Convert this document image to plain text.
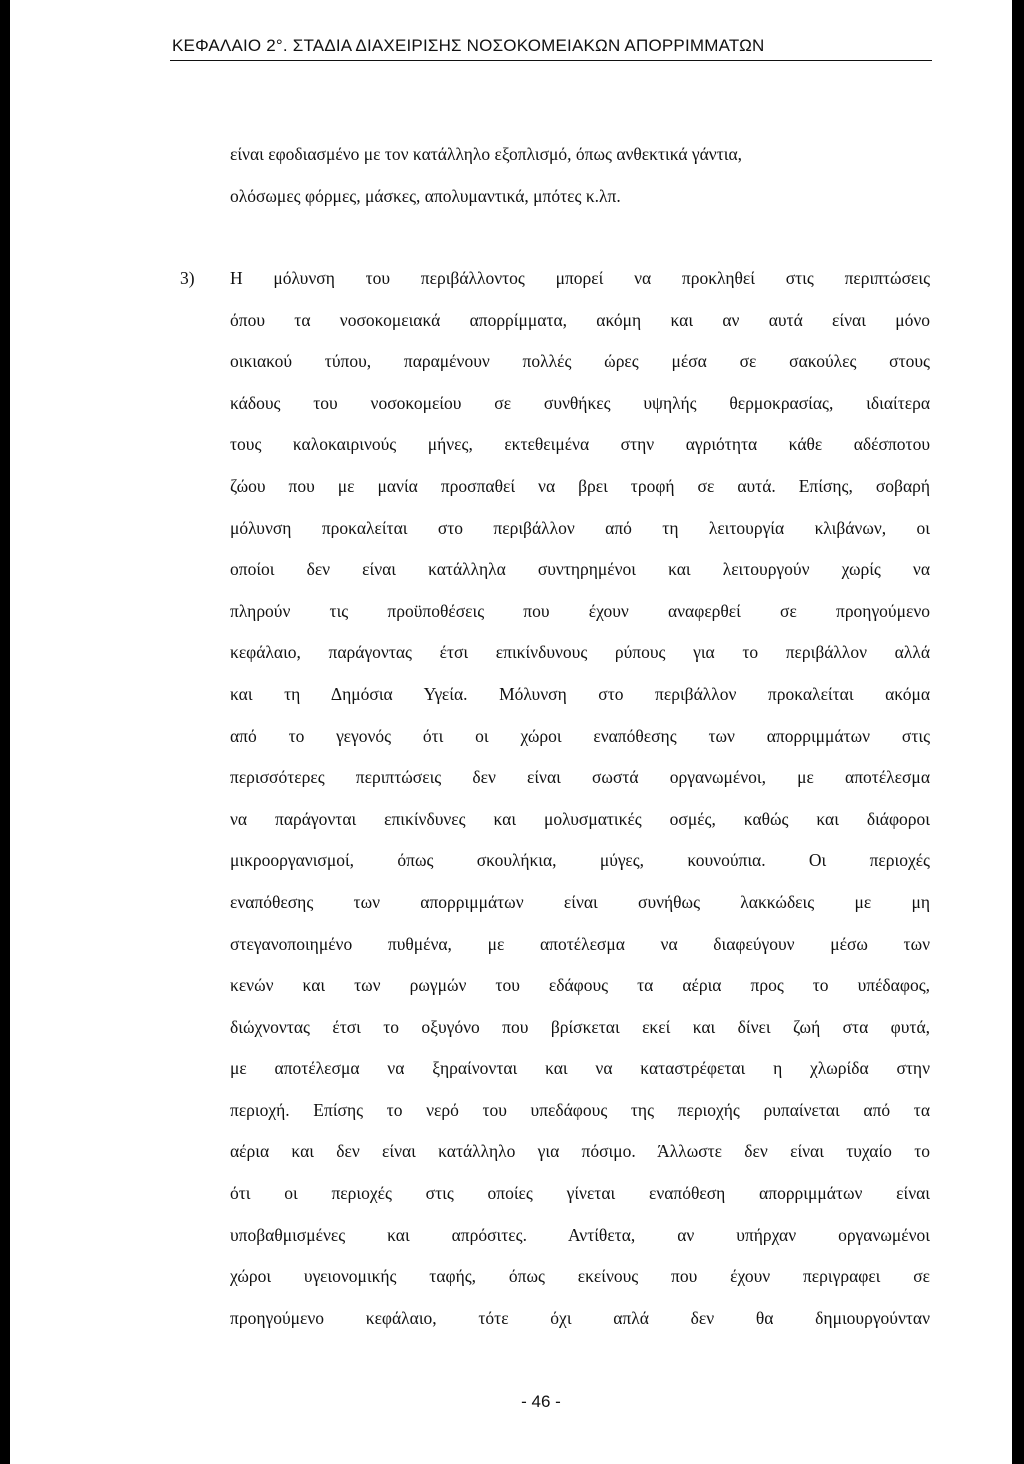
ΚΕΦΑΛΑΙΟ 2°. ΣΤΑΔΙΑ ΔΙΑΧΕΙΡΙΣΗΣ ΝΟΣΟΚΟΜΕΙΑΚΩΝ ΑΠΟΡΡΙΜΜΑΤΩΝ
είναι εφοδιασμένο με τον κατάλληλο εξοπλισμό, όπως ανθεκτικά γάντια,
ολόσωμες φόρμες, μάσκες, απολυμαντικά, μπότες κ.λπ.
3) Η μόλυνση του περιβάλλοντος μπορεί να προκληθεί στις περιπτώσεις
όπου τα νοσοκομειακά απορρίμματα, ακόμη και αν αυτά είναι μόνο
οικιακού τύπου, παραμένουν πολλές ώρες μέσα σε σακούλες στους
κάδους του νοσοκομείου σε συνθήκες υψηλής θερμοκρασίας, ιδιαίτερα
τους καλοκαιρινούς μήνες, εκτεθειμένα στην αγριότητα κάθε αδέσποτου
ζώου που με μανία προσπαθεί να βρει τροφή σε αυτά. Επίσης, σοβαρή
μόλυνση προκαλείται στο περιβάλλον από τη λειτουργία κλιβάνων, οι
οποίοι δεν είναι κατάλληλα συντηρημένοι και λειτουργούν χωρίς να
πληρούν τις προϋποθέσεις που έχουν αναφερθεί σε προηγούμενο
κεφάλαιο, παράγοντας έτσι επικίνδυνους ρύπους για το περιβάλλον αλλά
και τη Δημόσια Υγεία. Μόλυνση στο περιβάλλον προκαλείται ακόμα
από το γεγονός ότι οι χώροι εναπόθεσης των απορριμμάτων στις
περισσότερες περιπτώσεις δεν είναι σωστά οργανωμένοι, με αποτέλεσμα
να παράγονται επικίνδυνες και μολυσματικές οσμές, καθώς και διάφοροι
μικροοργανισμοί, όπως σκουλήκια, μύγες, κουνούπια. Οι περιοχές
εναπόθεσης των απορριμμάτων είναι συνήθως λακκώδεις με μη
στεγανοποιημένο πυθμένα, με αποτέλεσμα να διαφεύγουν μέσω των
κενών και των ρωγμών του εδάφους τα αέρια προς το υπέδαφος,
διώχνοντας έτσι το οξυγόνο που βρίσκεται εκεί και δίνει ζωή στα φυτά,
με αποτέλεσμα να ξηραίνονται και να καταστρέφεται η χλωρίδα στην
περιοχή. Επίσης το νερό του υπεδάφους της περιοχής ρυπαίνεται από τα
αέρια και δεν είναι κατάλληλο για πόσιμο. Άλλωστε δεν είναι τυχαίο το
ότι οι περιοχές στις οποίες γίνεται εναπόθεση απορριμμάτων είναι
υποβαθμισμένες και απρόσιτες. Αντίθετα, αν υπήρχαν οργανωμένοι
χώροι υγειονομικής ταφής, όπως εκείνους που έχουν περιγραφει σε
προηγούμενο κεφάλαιο, τότε όχι απλά δεν θα δημιουργούνταν
- 46 -
